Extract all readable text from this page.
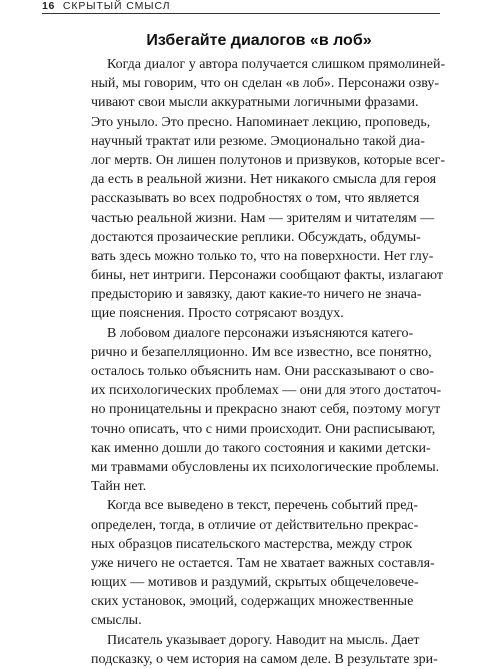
16 СКРЫТЫЙ СМЫСЛ
Избегайте диалогов «в лоб»
Когда диалог у автора получается слишком прямолиней-
ный, мы говорим, что он сделан «в лоб». Персонажи озву-
чивают свои мысли аккуратными логичными фразами.
Это уныло. Это пресно. Напоминает лекцию, проповедь,
научный трактат или резюме. Эмоционально такой диа-
лог мертв. Он лишен полутонов и призвуков, которые всег-
да есть в реальной жизни. Нет никакого смысла для героя
рассказывать во всех подробностях о том, что является
частью реальной жизни. Нам — зрителям и читателям —
достаются прозаические реплики. Обсуждать, обдумы-
вать здесь можно только то, что на поверхности. Нет глу-
бины, нет интриги. Персонажи сообщают факты, излагают
предысторию и завязку, дают какие-то ничего не знача-
щие пояснения. Просто сотрясают воздух.
В лобовом диалоге персонажи изъясняются катего-
рично и безапелляционно. Им все известно, все понятно,
осталось только объяснить нам. Они рассказывают о сво-
их психологических проблемах — они для этого достаточ-
но проницательны и прекрасно знают себя, поэтому могут
точно описать, что с ними происходит. Они расписывают,
как именно дошли до такого состояния и какими детски-
ми травмами обусловлены их психологические проблемы.
Тайн нет.
Когда все выведено в текст, перечень событий пред-
определен, тогда, в отличие от действительно прекрас-
ных образцов писательского мастерства, между строк
уже ничего не остается. Там не хватает важных составля-
ющих — мотивов и раздумий, скрытых общечеловече-
ских установок, эмоций, содержащих множественные
смыслы.
Писатель указывает дорогу. Наводит на мысль. Дает
подсказку, о чем история на самом деле. В результате зри-
